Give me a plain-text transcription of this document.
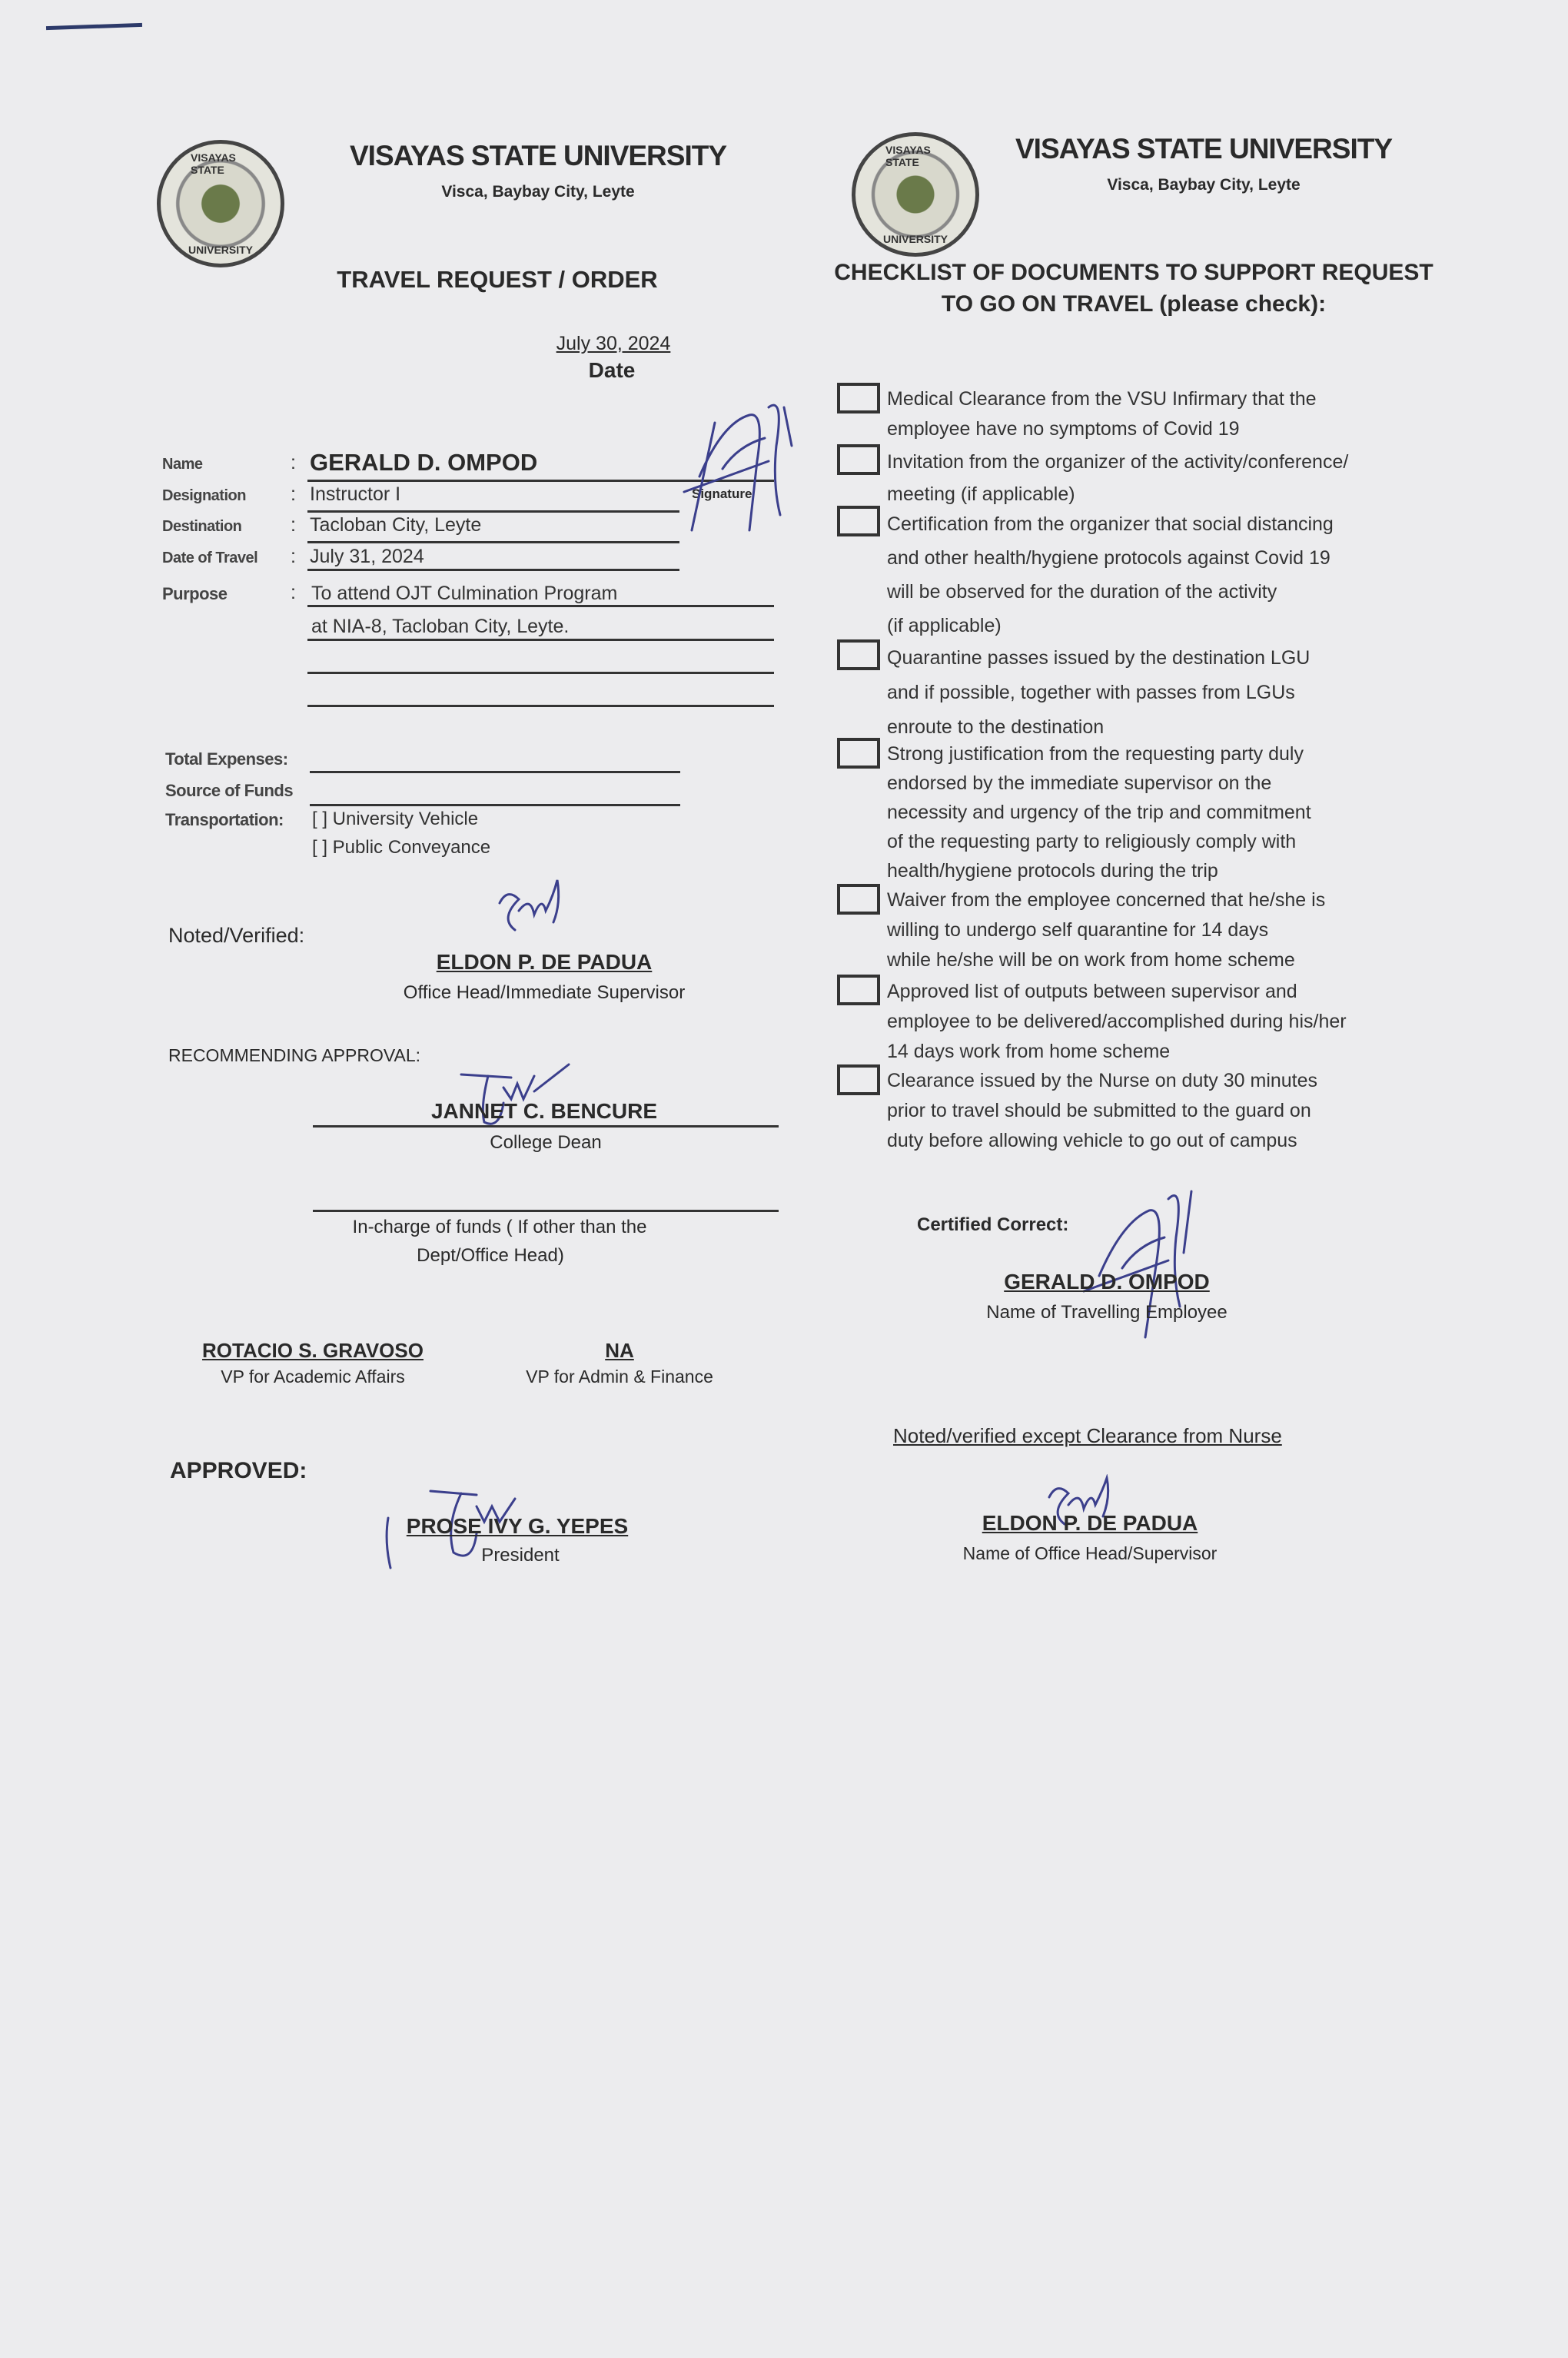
VISAYAS STATE
UNIVERSITY
VISAYAS STATE UNIVERSITY
Visca, Baybay City, Leyte
TRAVEL REQUEST / ORDER
VISAYAS STATE
UNIVERSITY
VISAYAS STATE UNIVERSITY
Visca, Baybay City, Leyte
CHECKLIST OF DOCUMENTS TO SUPPORT REQUEST
TO GO ON TRAVEL (please check):
July 30, 2024
Date
Name	: GERALD D. OMPOD
Designation : Instructor I	Signature
Destination	: Tacloban City, Leyte
Date of Travel : July 31, 2024
Purpose	: To attend OJT Culmination Program
at NIA-8, Tacloban City, Leyte.
Total Expenses:
Source of Funds
Transportation: [ ] University Vehicle
[ ] Public Conveyance
Noted/Verified:
ELDON P. DE PADUA
Office Head/Immediate Supervisor
RECOMMENDING APPROVAL:
JANNET C. BENCURE
College Dean
In-charge of funds ( If other than the
Dept/Office Head)
ROTACIO S. GRAVOSO
VP for Academic Affairs
NA
VP for Admin & Finance
APPROVED:
PROSE IVY G. YEPES
President
Medical Clearance from the VSU Infirmary that the
employee have no symptoms of Covid 19
Invitation from the organizer of the activity/conference/
meeting (if applicable)
Certification from the organizer that social distancing
and other health/hygiene protocols against Covid 19
will be observed for the duration of the activity
(if applicable)
Quarantine passes issued by the destination LGU
and if possible, together with passes from LGUs
enroute to the destination
Strong justification from the requesting party duly
endorsed by the immediate supervisor on the
necessity and urgency of the trip and commitment
of the requesting party to religiously comply with
health/hygiene protocols during the trip
Waiver from the employee concerned that he/she is
willing to undergo self quarantine for 14 days
while he/she will be on work from home scheme
Approved list of outputs between supervisor and
employee to be delivered/accomplished during his/her
14 days work from home scheme
Clearance issued by the Nurse on duty 30 minutes
prior to travel should be submitted to the guard on
duty before allowing vehicle to go out of campus
Certified Correct:
GERALD D. OMPOD
Name of Travelling Employee
Noted/verified except Clearance from Nurse
ELDON P. DE PADUA
Name of Office Head/Supervisor
